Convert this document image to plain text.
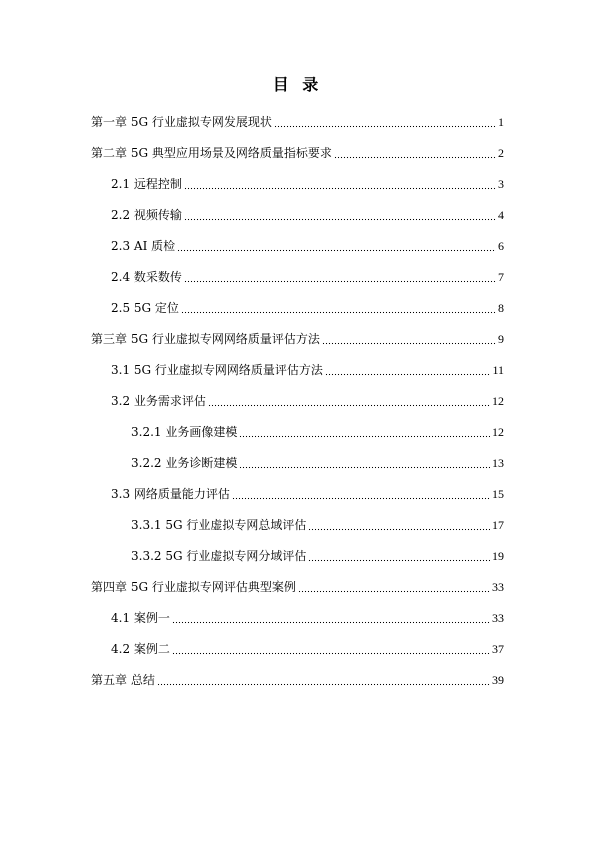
目 录
第一章 5G 行业虚拟专网发展现状	1
第二章 5G 典型应用场景及网络质量指标要求	2
2.1 远程控制	3
2.2 视频传输	4
2.3 AI 质检	6
2.4 数采数传	7
2.5 5G 定位	8
第三章 5G 行业虚拟专网网络质量评估方法	9
3.1 5G 行业虚拟专网网络质量评估方法	11
3.2 业务需求评估	12
3.2.1 业务画像建模	12
3.2.2 业务诊断建模	13
3.3 网络质量能力评估	15
3.3.1 5G 行业虚拟专网总域评估	17
3.3.2 5G 行业虚拟专网分域评估	19
第四章 5G 行业虚拟专网评估典型案例	33
4.1 案例一	33
4.2 案例二	37
第五章 总结	39
